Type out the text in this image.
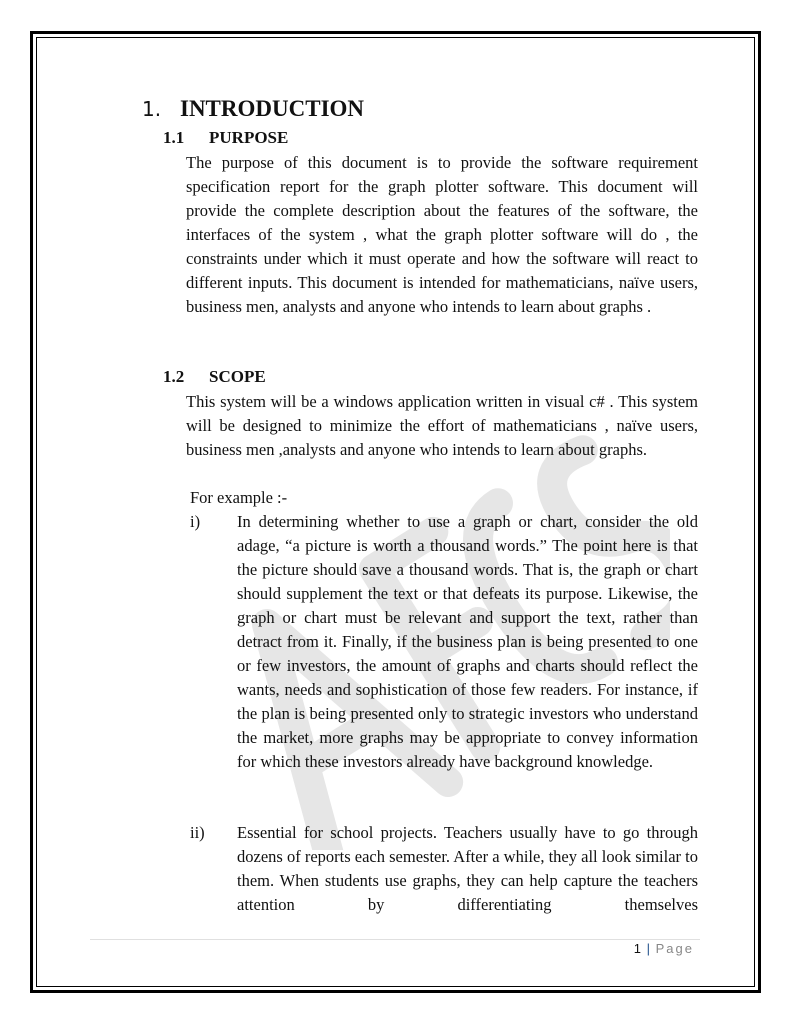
1. INTRODUCTION
1.1 PURPOSE
The purpose of this document is to provide the software requirement specification report for the graph plotter software. This document will provide the complete description about the features of the software, the interfaces of the system , what the graph plotter software will do , the constraints under which it must operate and how the software will react to different inputs. This document is intended for mathematicians, naïve users, business men, analysts and anyone who intends to learn about graphs .
1.2 SCOPE
This system will be a windows application written in visual c# . This system will be designed to minimize the effort of mathematicians , naïve users, business men ,analysts and anyone who intends to learn about graphs.
For example :-
i) In determining whether to use a graph or chart, consider the old adage, “a picture is worth a thousand words.” The point here is that the picture should save a thousand words. That is, the graph or chart should supplement the text or that defeats its purpose. Likewise, the graph or chart must be relevant and support the text, rather than detract from it. Finally, if the business plan is being presented to one or few investors, the amount of graphs and charts should reflect the wants, needs and sophistication of those few readers. For instance, if the plan is being presented only to strategic investors who understand the market, more graphs may be appropriate to convey information for which these investors already have background knowledge.
ii) Essential for school projects. Teachers usually have to go through dozens of reports each semester. After a while, they all look similar to them. When students use graphs, they can help capture the teachers attention by differentiating themselves
1 | Page
